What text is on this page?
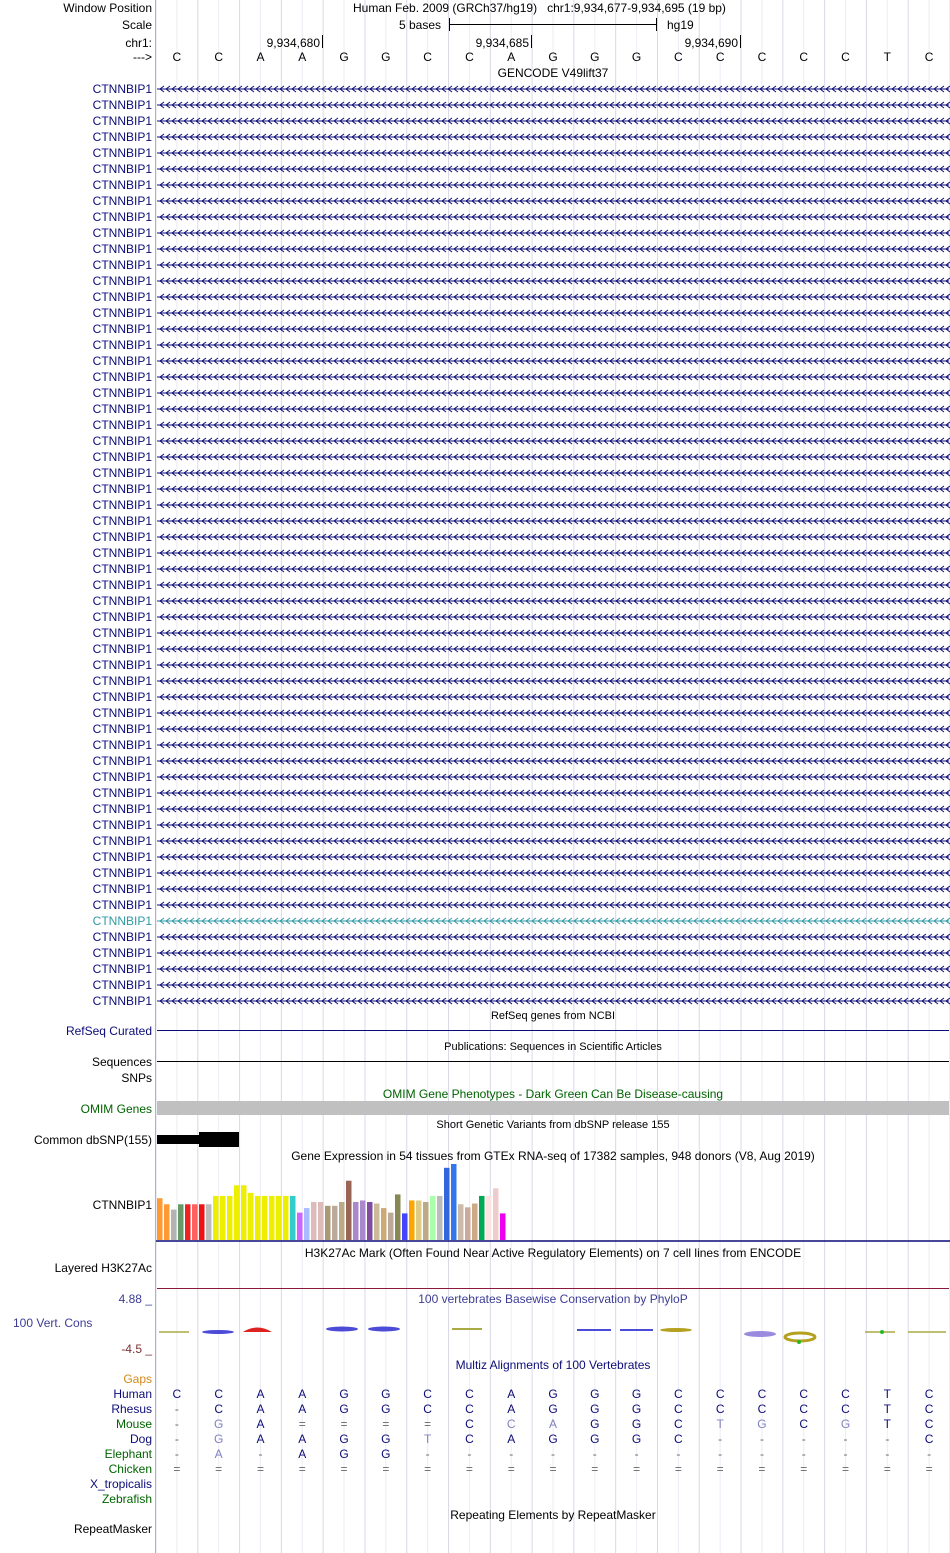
Window Position	Human Feb. 2009 (GRCh37/hg19) chr1:9,934,677-9,934,695 (19 bp)
Scale	5 bases	hg19
chr1:	9,934,680	9,934,685	9,934,690
--->	C	C	A	A	G	G	C	C	A	G	G	G	C	C	C	C	C	T	C
GENCODE V49lift37
CTNNBIP1
CTNNBIP1
CTNNBIP1
CTNNBIP1
CTNNBIP1
CTNNBIP1
CTNNBIP1
CTNNBIP1
CTNNBIP1
CTNNBIP1
CTNNBIP1
CTNNBIP1
CTNNBIP1
CTNNBIP1
CTNNBIP1
CTNNBIP1
CTNNBIP1
CTNNBIP1
CTNNBIP1
CTNNBIP1
CTNNBIP1
CTNNBIP1
CTNNBIP1
CTNNBIP1
CTNNBIP1
CTNNBIP1
CTNNBIP1
CTNNBIP1
CTNNBIP1
CTNNBIP1
CTNNBIP1
CTNNBIP1
CTNNBIP1
CTNNBIP1
CTNNBIP1
CTNNBIP1
CTNNBIP1
CTNNBIP1
CTNNBIP1
CTNNBIP1
CTNNBIP1
CTNNBIP1
CTNNBIP1
CTNNBIP1
CTNNBIP1
CTNNBIP1
CTNNBIP1
CTNNBIP1
CTNNBIP1
CTNNBIP1
CTNNBIP1
CTNNBIP1
CTNNBIP1
CTNNBIP1
CTNNBIP1
CTNNBIP1
CTNNBIP1
CTNNBIP1
RefSeq genes from NCBI
RefSeq Curated
Publications: Sequences in Scientific Articles
Sequences
SNPs
OMIM Gene Phenotypes - Dark Green Can Be Disease-causing
OMIM Genes
Short Genetic Variants from dbSNP release 155
Common dbSNP(155)
Gene Expression in 54 tissues from GTEx RNA-seq of 17382 samples, 948 donors (V8, Aug 2019)
CTNNBIP1
H3K27Ac Mark (Often Found Near Active Regulatory Elements) on 7 cell lines from ENCODE
Layered H3K27Ac
100 vertebrates Basewise Conservation by PhyloP
4.88 _
100 Vert. Cons
-4.5 _
Multiz Alignments of 100 Vertebrates
Gaps
Human	C	C	A	A	G	G	C	C	A	G	G	G	C	C	C	C	C	T	C
Rhesus	-	C	A	A	G	G	C	C	A	G	G	G	C	C	C	C	C	T	C
Mouse	-	G	A	=	=	=	=	C	C	A	G	G	C	T	G	C	G	T	C
Dog	-	G	A	A	G	G	T	C	A	G	G	G	C	-	-	-	-	-	C
Elephant	-	A	-	A	G	G	-	-	-	-	-	-	-	-	-	-	-	-	-
Chicken	=	=	=	=	=	=	=	=	=	=	=	=	=	=	=	=	=	=	=
X_tropicalis
Zebrafish
Repeating Elements by RepeatMasker
RepeatMasker
